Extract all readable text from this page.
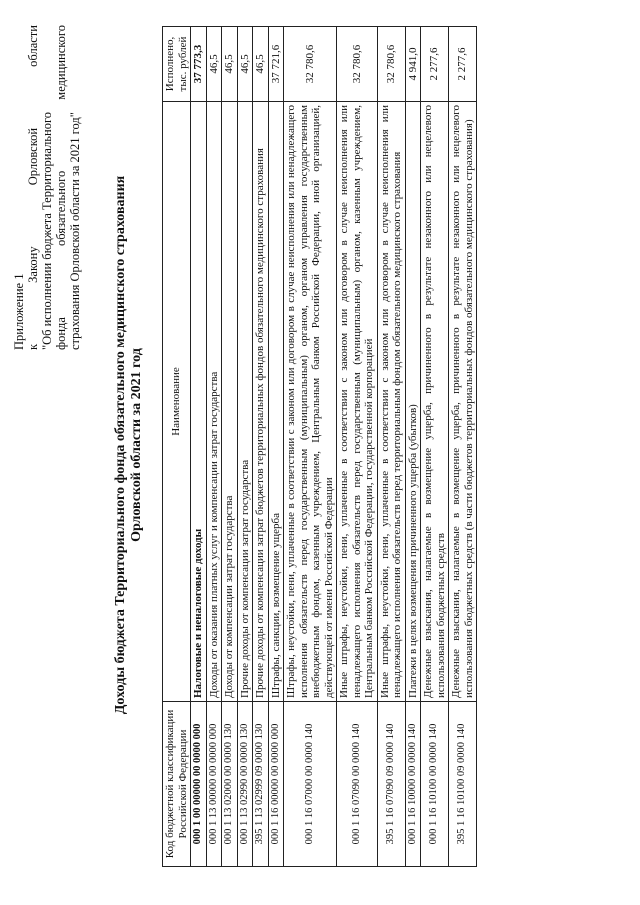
Приложение 1 к
Закону
Орловской
области
"Об исполнении бюджета Территориального фонда
обязательного
медицинского
страхования Орловской области за 2021 год" Доходы бюджета Территориального фонда обязательного медицинского страхования Орловской области за 2021 год
Код бюджетной классификации Российской Федерации	Наименование	Исполнено, тыс. рублей
000 1 00 00000 00 0000 000	Налоговые и неналоговые доходы	37 773,3
000 1 13 00000 00 0000 000	Доходы от оказания платных услуг и компенсации затрат государства	46,5
000 1 13 02000 00 0000 130	Доходы от компенсации затрат государства	46,5
000 1 13 02990 00 0000 130	Прочие доходы от компенсации затрат государства	46,5
395 1 13 02999 09 0000 130	Прочие доходы от компенсации затрат бюджетов территориальных фондов обязательного медицинского страхования	46,5
000 1 16 00000 00 0000 000	Штрафы, санкции, возмещение ущерба	37 721,6
000 1 16 07000 00 0000 140	Штрафы, неустойки, пени, уплаченные в соответствии с законом или договором в случае неисполнения или ненадлежащего исполнения обязательств перед государственным (муниципальным) органом, органом управления государственным внебюджетным фондом, казенным учреждением, Центральным банком Российской Федерации, иной организацией, действующей от имени Российской Федерации	32 780,6
000 1 16 07090 00 0000 140	Иные штрафы, неустойки, пени, уплаченные в соответствии с законом или договором в случае неисполнения или ненадлежащего исполнения обязательств перед государственным (муниципальным) органом, казенным учреждением, Центральным банком Российской Федерации, государственной корпорацией	32 780,6
395 1 16 07090 09 0000 140	Иные штрафы, неустойки, пени, уплаченные в соответствии с законом или договором в случае неисполнения или ненадлежащего исполнения обязательств перед территориальным фондом обязательного медицинского страхования	32 780,6
000 1 16 10000 00 0000 140	Платежи в целях возмещения причиненного ущерба (убытков)	4 941,0
000 1 16 10100 00 0000 140	Денежные взыскания, налагаемые в возмещение ущерба, причиненного в результате незаконного или нецелевого использования бюджетных средств	2 277,6
395 1 16 10100 09 0000 140	Денежные взыскания, налагаемые в возмещение ущерба, причиненного в результате незаконного или нецелевого использования бюджетных средств (в части бюджетов территориальных фондов обязательного медицинского страхования)	2 277,6
